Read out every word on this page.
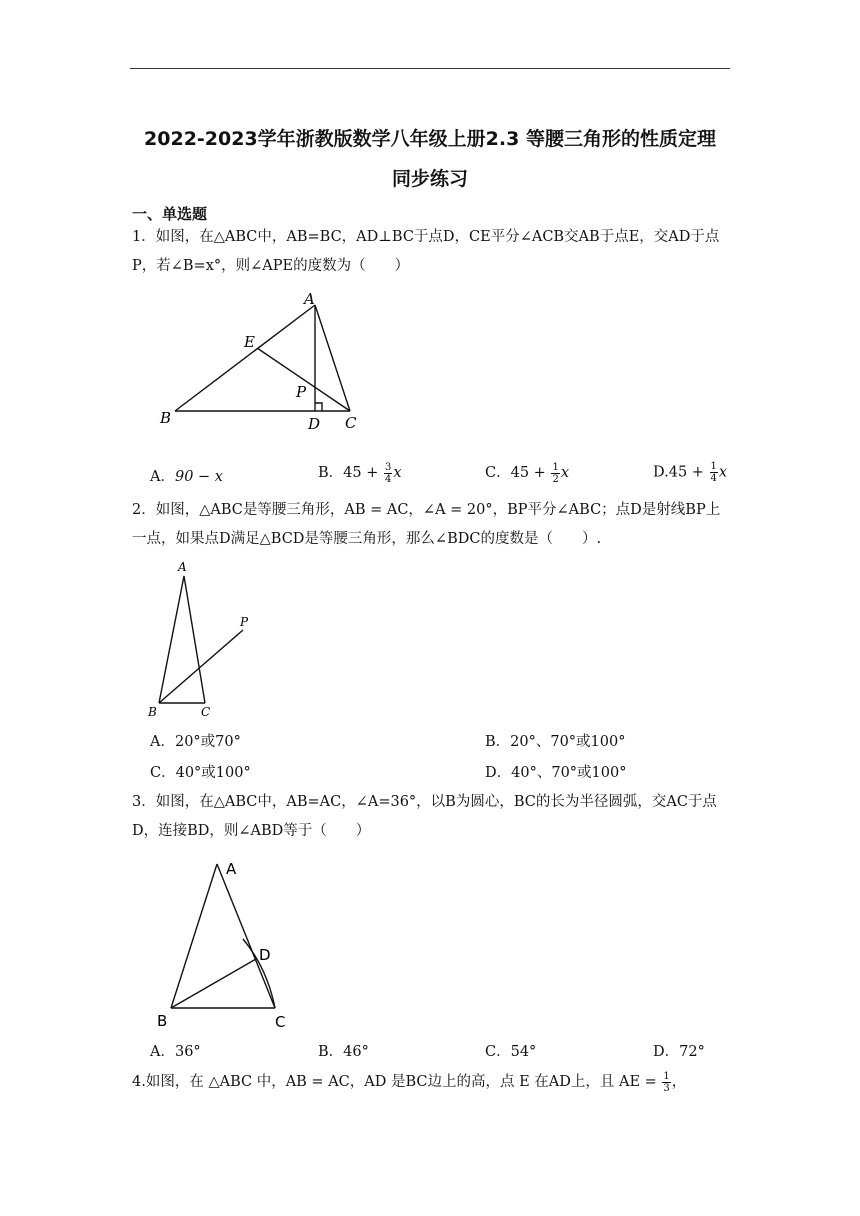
2022-2023学年浙教版数学八年级上册2.3 等腰三角形的性质定理
同步练习
一、单选题
1．如图，在△ABC中，AB=BC，AD⊥BC于点D，CE平分∠ACB交AB于点E，交AD于点P，若∠B=x°，则∠APE的度数为（　　）
A
E
P
B	D C
A．90 − x	B．$45 + \frac{3}{4}$ x	C．$45 + \frac{1}{2}$ x	$D.45 + \frac{1}{4}$ x
2．如图，△ABC是等腰三角形，AB = AC，∠A = 20°，BP平分∠ABC；点D是射线BP上一点，如果点D满足△BCD是等腰三角形，那么∠BDC的度数是（　　）.
A
P
B	C
A．20°或70°	B．20°、70°或100°
C．40°或100°	D．40°、70°或100°
3．如图，在△ABC中，AB=AC，∠A=36°，以B为圆心，BC的长为半径圆弧，交AC于点D，连接BD，则∠ABD等于（　　）
A
D
B	C
A．36°	B．46°	C．54°	D．72°
4.如图，在 △ABC 中，AB = AC，AD 是BC边上的高，点 E 在AD上，且 AE = $\frac{1}{3}$ ，
